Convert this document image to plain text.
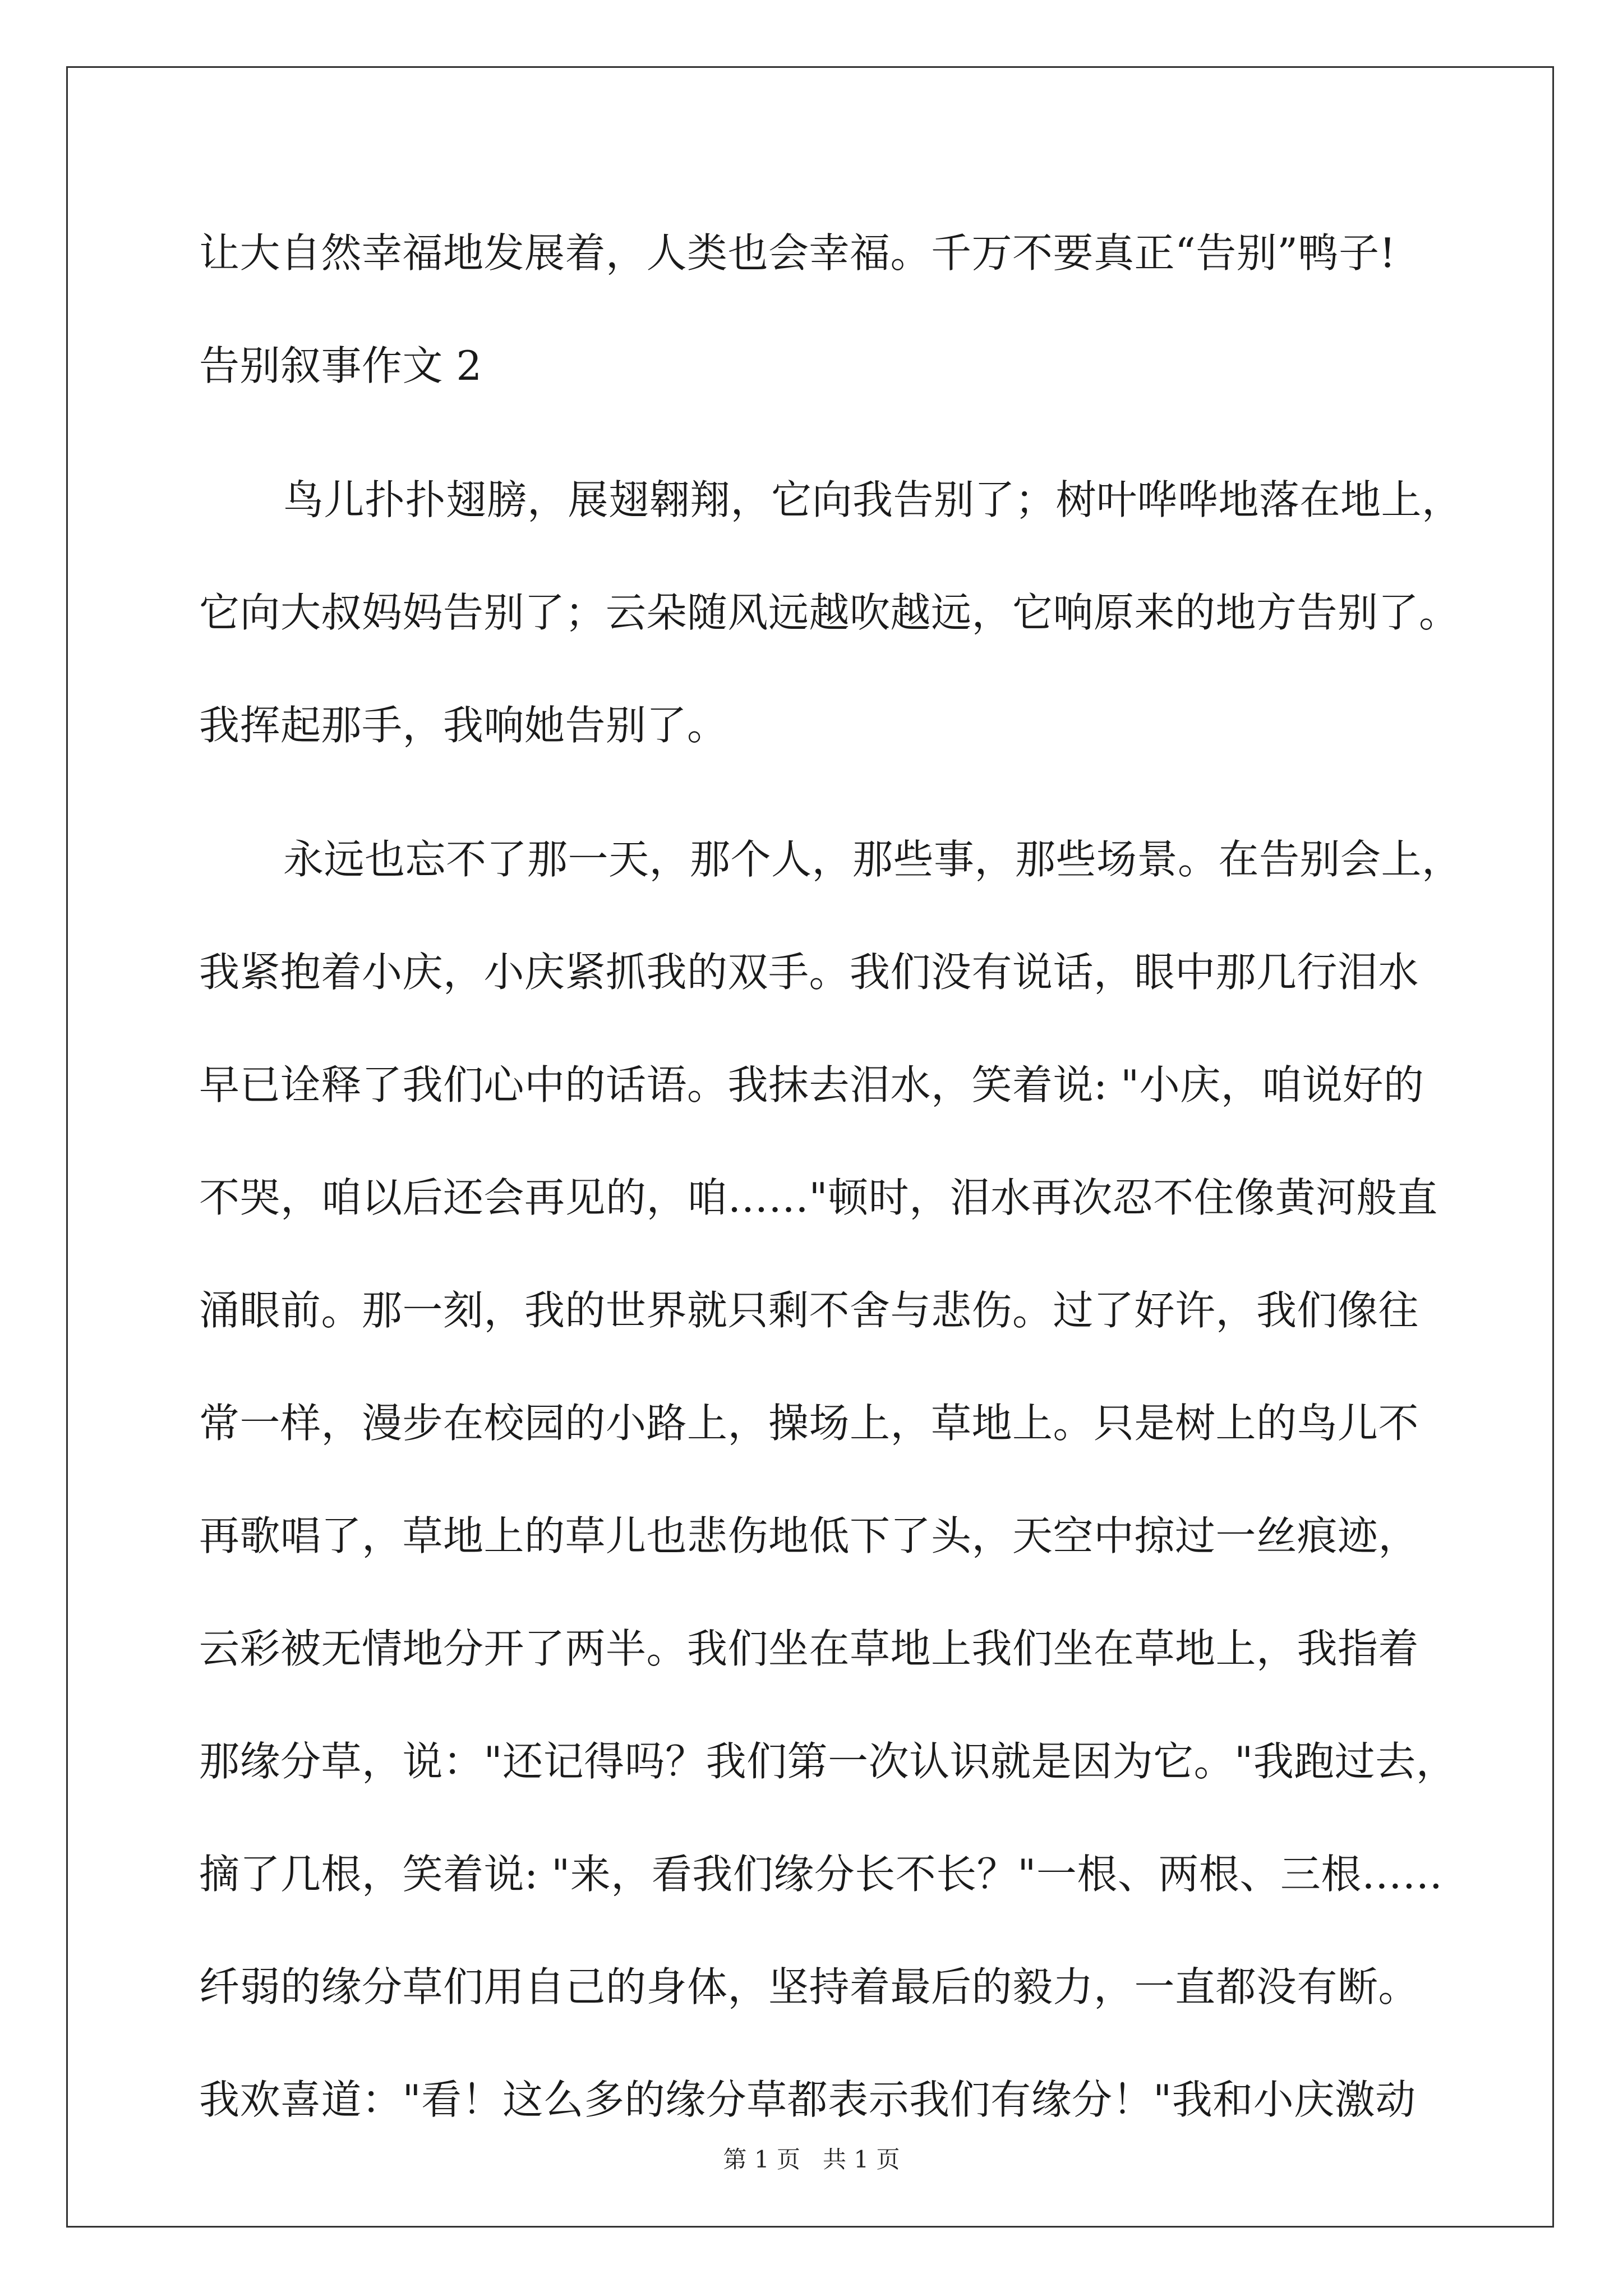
让大自然幸福地发展着，人类也会幸福。千万不要真正“告别”鸭子!
告别叙事作文 2
鸟儿扑扑翅膀，展翅翱翔，它向我告别了；树叶哗哗地落在地上，
它向大叔妈妈告别了；云朵随风远越吹越远，它响原来的地方告别了。
我挥起那手，我响她告别了。
永远也忘不了那一天，那个人，那些事，那些场景。在告别会上，
我紧抱着小庆，小庆紧抓我的双手。我们没有说话，眼中那几行泪水
早已诠释了我们心中的话语。我抹去泪水，笑着说: "小庆，咱说好的
不哭，咱以后还会再见的，咱……"顿时，泪水再次忍不住像黄河般直
涌眼前。那一刻，我的世界就只剩不舍与悲伤。过了好许，我们像往
常一样，漫步在校园的小路上，操场上，草地上。只是树上的鸟儿不
再歌唱了，草地上的草儿也悲伤地低下了头，天空中掠过一丝痕迹，
云彩被无情地分开了两半。我们坐在草地上我们坐在草地上，我指着
那缘分草，说："还记得吗？我们第一次认识就是因为它。"我跑过去，
摘了几根，笑着说: "来，看我们缘分长不长？"一根、两根、三根……
纤弱的缘分草们用自己的身体，坚持着最后的毅力，一直都没有断。
我欢喜道："看！这么多的缘分草都表示我们有缘分！"我和小庆激动
第 1 页 共 1 页
